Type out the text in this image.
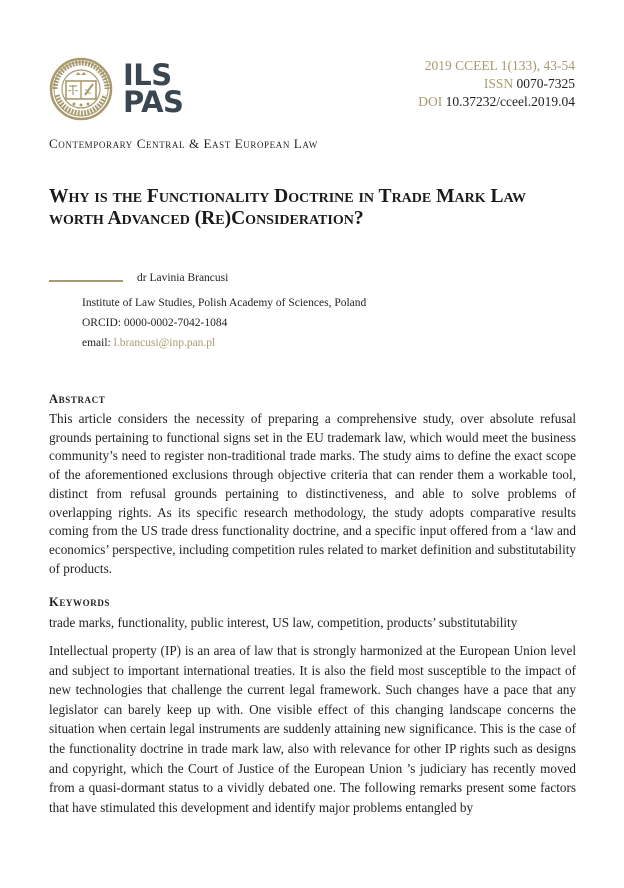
ILS
PAS
2019 CCEEL 1(133), 43-54
ISSN 0070-7325
DOI 10.37232/cceel.2019.04
Contemporary Central & East European Law
Why is the Functionality Doctrine in Trade Mark Law worth Advanced (Re)Consideration?
dr Lavinia Brancusi
Institute of Law Studies, Polish Academy of Sciences, Poland
ORCID: 0000-0002-7042-1084
email: l.brancusi@inp.pan.pl
Abstract

This article considers the necessity of preparing a comprehensive study, over absolute refusal grounds pertaining to functional signs set in the EU trademark law, which would meet the business community’s need to register non-traditional trade marks. The study aims to define the exact scope of the aforementioned exclusions through objective criteria that can render them a workable tool, distinct from refusal grounds pertaining to distinctiveness, and able to solve problems of overlapping rights. As its specific research methodology, the study adopts comparative results coming from the US trade dress functionality doctrine, and a specific input offered from a ‘law and economics’ perspective, including competition rules related to market definition and substitutability of products.

Keywords

trade marks, functionality, public interest, US law, competition, products’ substitutability

Intellectual property (IP) is an area of law that is strongly harmonized at the European Union level and subject to important international treaties. It is also the field most susceptible to the impact of new technologies that challenge the current legal framework. Such changes have a pace that any legislator can barely keep up with. One visible effect of this changing landscape concerns the situation when certain legal instruments are suddenly attaining new significance. This is the case of the functionality doctrine in trade mark law, also with relevance for other IP rights such as designs and copyright, which the Court of Justice of the European Union ’s judiciary has recently moved from a quasi-dormant status to a vividly debated one. The following remarks present some factors that have stimulated this development and identify major problems entangled by
